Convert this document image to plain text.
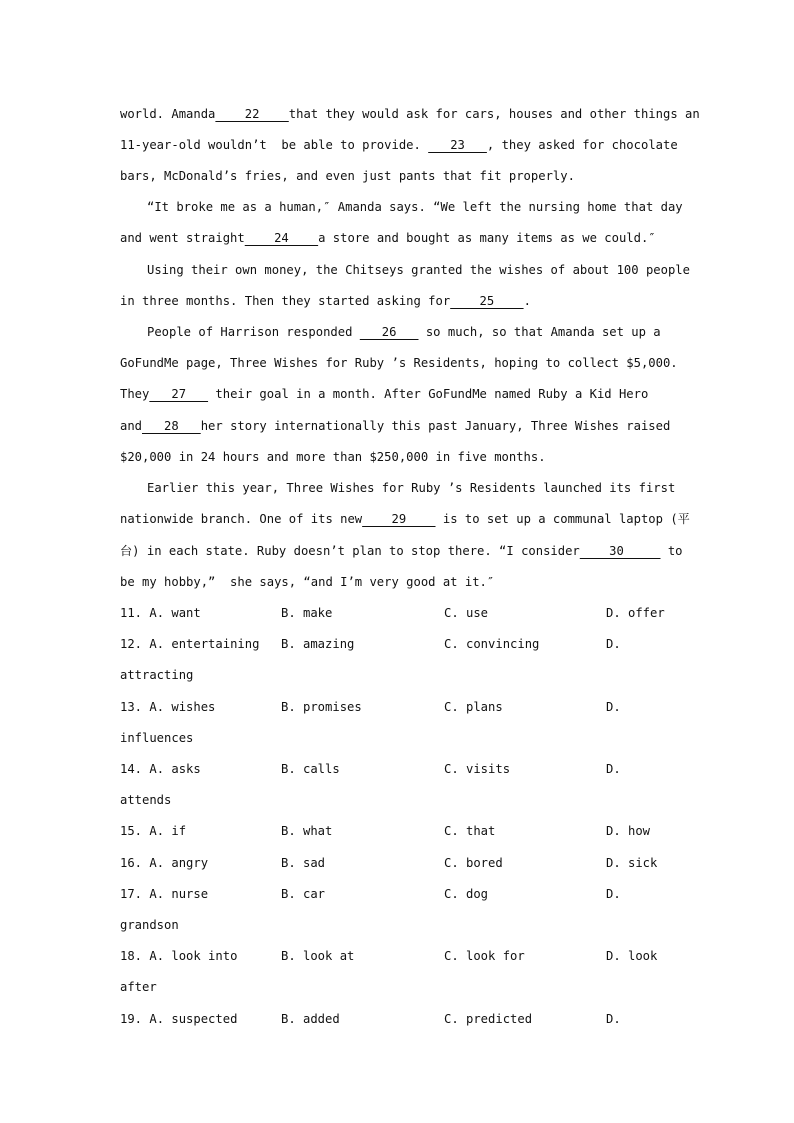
world. Amanda    22    that they would ask for cars, houses and other things an
11-year-old wouldn’t  be able to provide.    23   , they asked for chocolate
bars, McDonald’s fries, and even just pants that fit properly.
“It broke me as a human,″ Amanda says. “We left the nursing home that day
and went straight    24    a store and bought as many items as we could.″
Using their own money, the Chitseys granted the wishes of about 100 people
in three months. Then they started asking for    25    .
People of Harrison responded    26    so much, so that Amanda set up a
GoFundMe page, Three Wishes for Ruby ’s Residents, hoping to collect $5,000.
They   27    their goal in a month. After GoFundMe named Ruby a Kid Hero
and   28   her story internationally this past January, Three Wishes raised
$20,000 in 24 hours and more than $250,000 in five months.
Earlier this year, Three Wishes for Ruby ’s Residents launched its first
nationwide branch. One of its new    29     is to set up a communal laptop (平
台) in each state. Ruby doesn’t plan to stop there. “I consider    30      to
be my hobby,”  she says, “and I’m very good at it.″
11. A. want	B. make	C. use	D. offer
12. A. entertaining B. amazing	C. convincing	D.
attracting
13. A. wishes	B. promises	C. plans	D.
influences
14. A. asks	B. calls	C. visits	D.
attends
15. A. if	B. what	C. that	D. how
16. A. angry	B. sad	C. bored	D. sick
17. A. nurse	B. car	C. dog	D.
grandson
18. A. look into	B. look at	C. look for	D. look
after
19. A. suspected	B. added	C. predicted	D.
